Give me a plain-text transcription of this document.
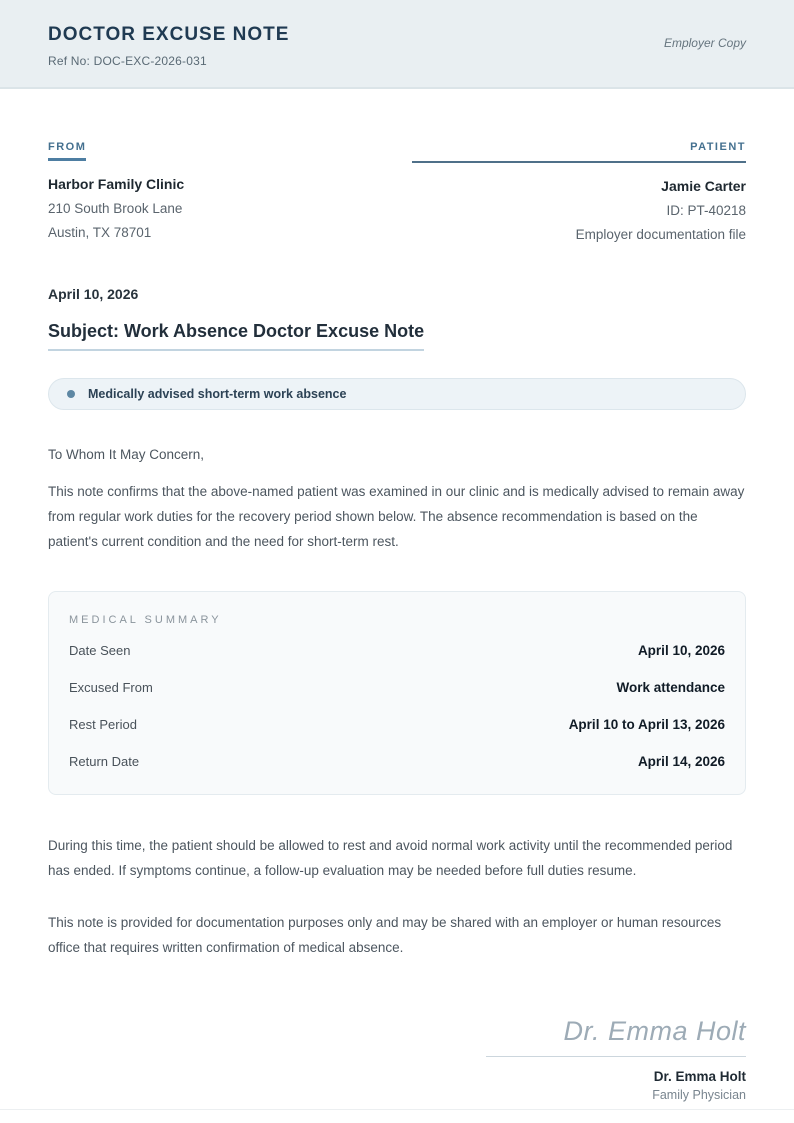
DOCTOR EXCUSE NOTE
Ref No: DOC-EXC-2026-031
Employer Copy
FROM
Harbor Family Clinic
210 South Brook Lane
Austin, TX 78701
PATIENT
Jamie Carter
ID: PT-40218
Employer documentation file
April 10, 2026
Subject: Work Absence Doctor Excuse Note
Medically advised short-term work absence
To Whom It May Concern,
This note confirms that the above-named patient was examined in our clinic and is medically advised to remain away from regular work duties for the recovery period shown below. The absence recommendation is based on the patient's current condition and the need for short-term rest.
MEDICAL SUMMARY
Date Seen	April 10, 2026
Excused From	Work attendance
Rest Period	April 10 to April 13, 2026
Return Date	April 14, 2026
During this time, the patient should be allowed to rest and avoid normal work activity until the recommended period has ended. If symptoms continue, a follow-up evaluation may be needed before full duties resume.
This note is provided for documentation purposes only and may be shared with an employer or human resources office that requires written confirmation of medical absence.
Dr. Emma Holt
Dr. Emma Holt
Family Physician
